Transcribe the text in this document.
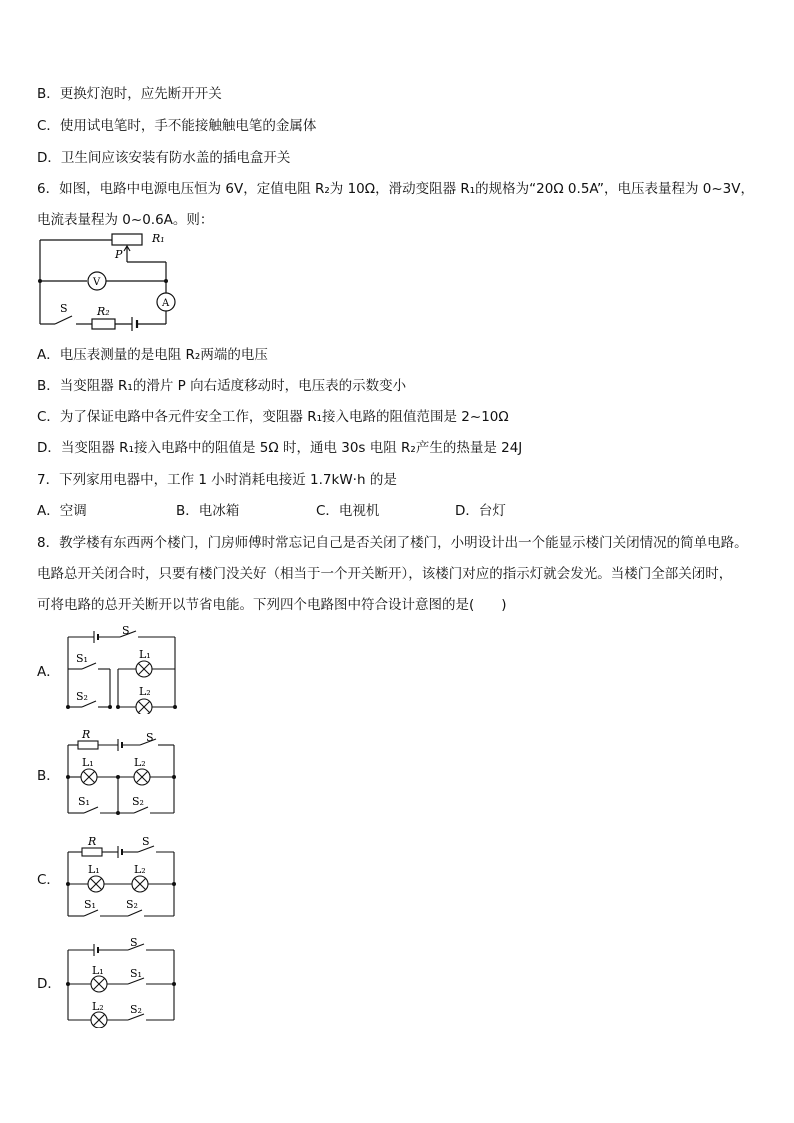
B．更换灯泡时，应先断开开关
C．使用试电笔时，手不能接触触电笔的金属体
D．卫生间应该安装有防水盖的插电盒开关
6．如图，电路中电源电压恒为 6V，定值电阻 R₂为 10Ω，滑动变阻器 R₁的规格为“20Ω 0.5A”，电压表量程为 0~3V，
电流表量程为 0~0.6A。则：
R₁
P
V
A
S	R₂
A．电压表测量的是电阻 R₂两端的电压
B．当变阻器 R₁的滑片 P 向右适度移动时，电压表的示数变小
C．为了保证电路中各元件安全工作，变阻器 R₁接入电路的阻值范围是 2~10Ω
D．当变阻器 R₁接入电路中的阻值是 5Ω 时，通电 30s 电阻 R₂产生的热量是 24J
7．下列家用电器中，工作 1 小时消耗电接近 1.7kW·h 的是
A．空调	B．电冰箱	C．电视机	D．台灯
8．教学楼有东西两个楼门，门房师傅时常忘记自己是否关闭了楼门，小明设计出一个能显示楼门关闭情况的简单电路。
电路总开关闭合时，只要有楼门没关好（相当于一个开关断开），该楼门对应的指示灯就会发光。当楼门全部关闭时，
可将电路的总开关断开以节省电能。下列四个电路图中符合设计意图的是(　　)
A．
S
S₁
S₂
L₁
L₂
B．
R	S
L₁	L₂
S₁	S₂
C．
R	S
L₁	L₂
S₁	S₂
D．
S
L₁ S₁
L₂ S₂
